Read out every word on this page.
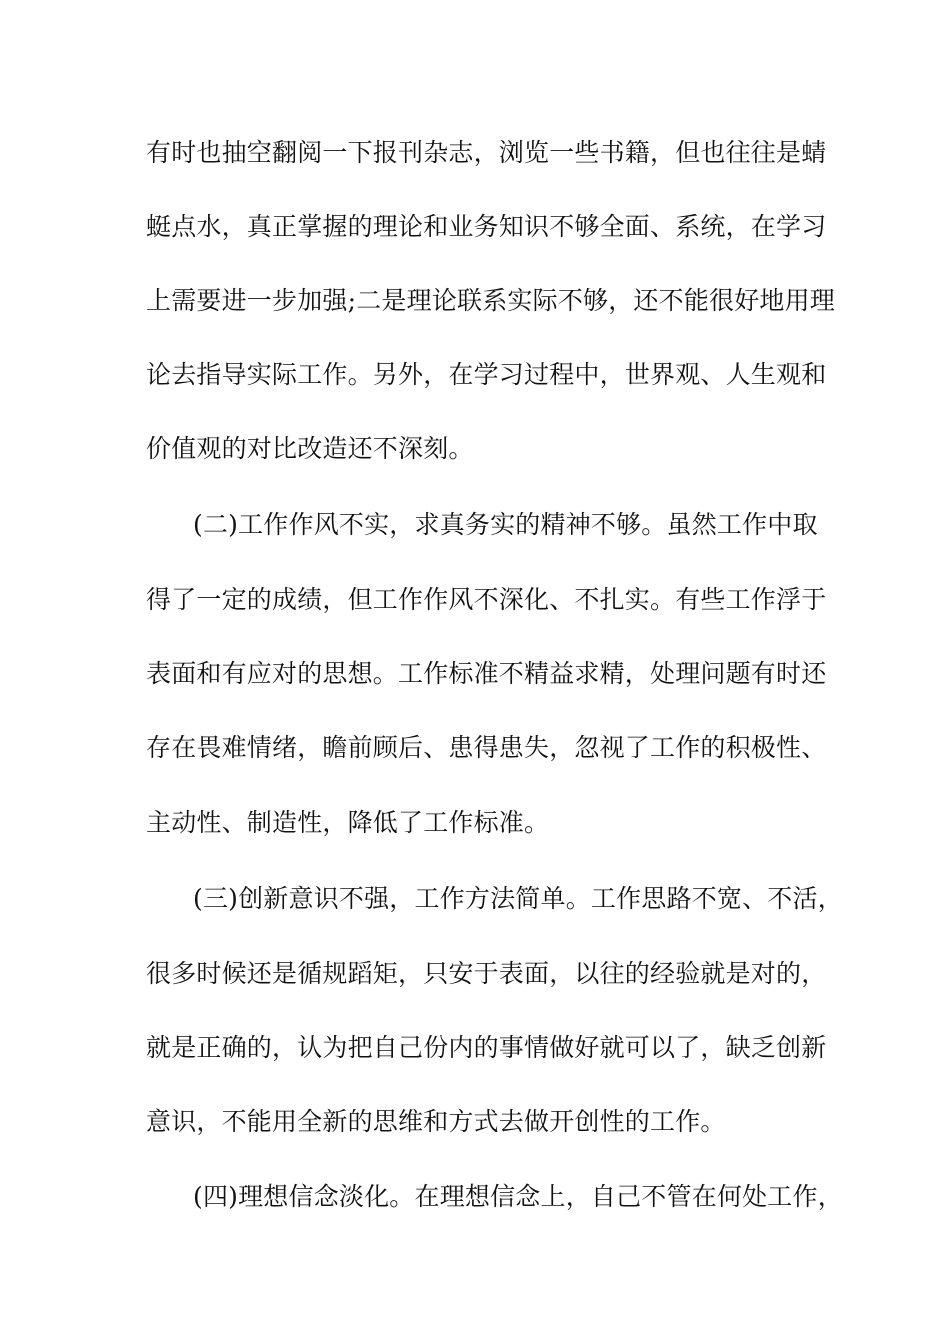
有时也抽空翻阅一下报刊杂志，浏览一些书籍，但也往往是蜻
蜓点水，真正掌握的理论和业务知识不够全面、系统，在学习
上需要进一步加强;二是理论联系实际不够，还不能很好地用理
论去指导实际工作。另外，在学习过程中，世界观、人生观和
价值观的对比改造还不深刻。
(二)工作作风不实，求真务实的精神不够。虽然工作中取
得了一定的成绩，但工作作风不深化、不扎实。有些工作浮于
表面和有应对的思想。工作标准不精益求精，处理问题有时还
存在畏难情绪，瞻前顾后、患得患失，忽视了工作的积极性、
主动性、制造性，降低了工作标准。
(三)创新意识不强，工作方法简单。工作思路不宽、不活，
很多时候还是循规蹈矩，只安于表面，以往的经验就是对的，
就是正确的，认为把自己份内的事情做好就可以了，缺乏创新
意识，不能用全新的思维和方式去做开创性的工作。
(四)理想信念淡化。在理想信念上，自己不管在何处工作，
